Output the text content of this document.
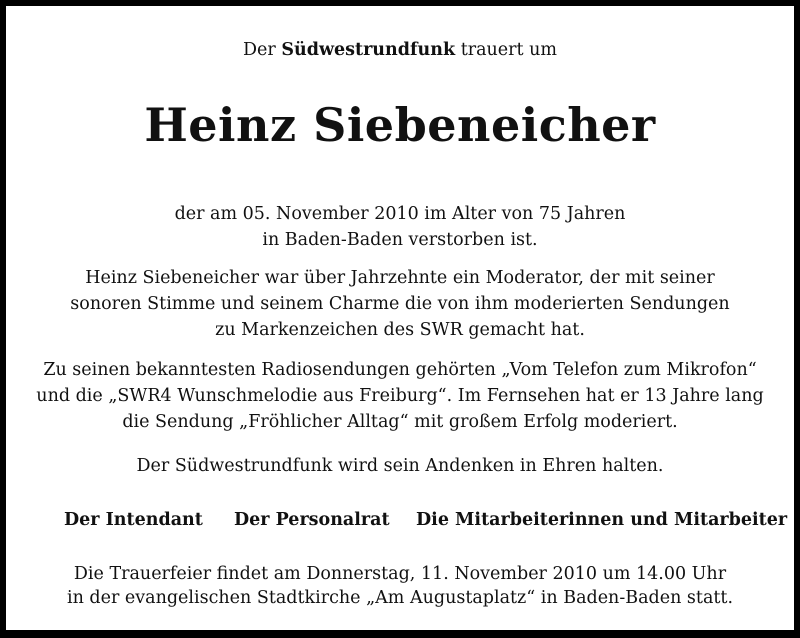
Der Südwestrundfunk trauert um
Heinz Siebeneicher
der am 05. November 2010 im Alter von 75 Jahren
in Baden-Baden verstorben ist.
Heinz Siebeneicher war über Jahrzehnte ein Moderator, der mit seiner
sonoren Stimme und seinem Charme die von ihm moderierten Sendungen
zu Markenzeichen des SWR gemacht hat.
Zu seinen bekanntesten Radiosendungen gehörten „Vom Telefon zum Mikrofon“
und die „SWR4 Wunschmelodie aus Freiburg“. Im Fernsehen hat er 13 Jahre lang
die Sendung „Fröhlicher Alltag“ mit großem Erfolg moderiert.
Der Südwestrundfunk wird sein Andenken in Ehren halten.
Der Intendant Der Personalrat Die Mitarbeiterinnen und Mitarbeiter
Die Trauerfeier findet am Donnerstag, 11. November 2010 um 14.00 Uhr
in der evangelischen Stadtkirche „Am Augustaplatz“ in Baden-Baden statt.
